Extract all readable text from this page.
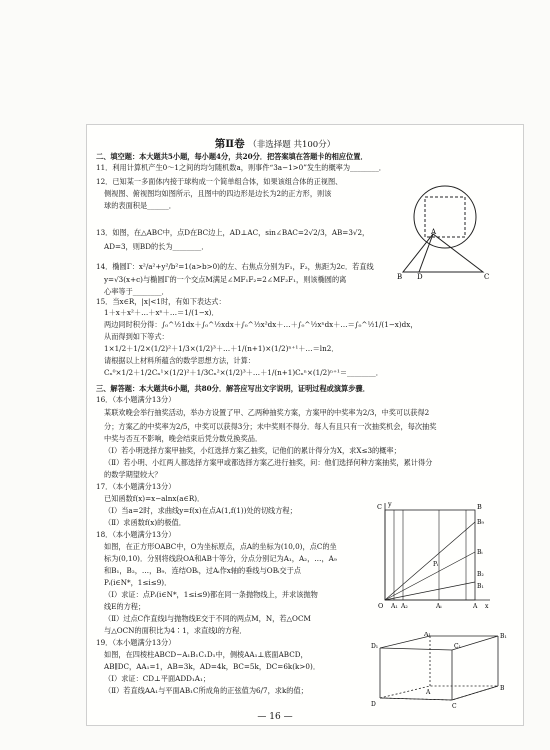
第Ⅱ卷 （非选择题 共100分）
二、填空题：本大题共5小题，每小题4分，共20分．把答案填在答题卡的相应位置．
11．利用计算机产生0～1之间的均匀随机数a，则事件“3a−1>0”发生的概率为________．
12．已知某一多面体内接于球构成一个简单组合体，如果该组合体的正视图、
侧视图、俯视图均如图所示，且图中的四边形是边长为2的正方形，则该
球的表面积是______．
13．如图，在△ABC中，点D在BC边上，AD⊥AC，sin∠BAC=2√2/3，AB=3√2，
AD=3，则BD的长为________．
14．椭圆Γ：x²/a²+y²/b²=1(a>b>0)的左、右焦点分别为F₁，F₂，焦距为2c．若直线
y=√3(x+c)与椭圆Γ的一个交点M满足∠MF₁F₂=2∠MF₂F₁，则该椭圆的离
心率等于________．
15．当x∈R，|x|<1时，有如下表达式：
1＋x＋x²＋…＋xⁿ＋…＝1/(1−x)．
两边同时积分得：∫₀^½1dx＋∫₀^½xdx＋∫₀^½x²dx＋…＋∫₀^½xⁿdx＋…＝∫₀^½1/(1−x)dx，
从而得到如下等式：
1×1/2＋1/2×(1/2)²＋1/3×(1/2)³＋…＋1/(n+1)×(1/2)ⁿ⁺¹＋…＝ln2．
请根据以上材料所蕴含的数学思想方法，计算：
Cₙ⁰×1/2＋1/2Cₙ¹×(1/2)²＋1/3Cₙ²×(1/2)³＋…＋1/(n+1)Cₙⁿ×(1/2)ⁿ⁺¹＝________．
三、解答题：本大题共6小题，共80分．解答应写出文字说明，证明过程或演算步骤．
16．（本小题满分13分）
某联欢晚会举行抽奖活动，举办方设置了甲、乙两种抽奖方案，方案甲的中奖率为2/3，中奖可以获得2
分；方案乙的中奖率为2/5，中奖可以获得3分；未中奖则不得分．每人有且只有一次抽奖机会，每次抽奖
中奖与否互不影响，晚会结束后凭分数兑换奖品．
（Ⅰ）若小明选择方案甲抽奖，小红选择方案乙抽奖，记他们的累计得分为X，求X≤3的概率；
（Ⅱ）若小明、小红两人都选择方案甲或都选择方案乙进行抽奖，问：他们选择何种方案抽奖，累计得分
的数学期望较大？
17．（本小题满分13分）
已知函数f(x)=x−alnx(a∈R)．
（Ⅰ）当a=2时，求曲线y=f(x)在点A(1,f(1))处的切线方程；
（Ⅱ）求函数f(x)的极值．
18．（本小题满分13分）
如图，在正方形OABC中，O为坐标原点，点A的坐标为(10,0)，点C的坐
标为(0,10)．分别将线段OA和AB十等分，分点分别记为A₁，A₂，…，A₉
和B₁，B₂，…，B₉．连结OBᵢ，过Aᵢ作x轴的垂线与OBᵢ交于点
Pᵢ(i∈N*，1≤i≤9)．
（Ⅰ）求证：点Pᵢ(i∈N*，1≤i≤9)都在同一条抛物线上，并求该抛物
线E的方程；
（Ⅱ）过点C作直线l与抛物线E交于不同的两点M，N，若△OCM
与△OCN的面积比为4∶1，求直线l的方程．
19．（本小题满分13分）
如图，在四棱柱ABCD−A₁B₁C₁D₁中，侧棱AA₁⊥底面ABCD，
AB∥DC，AA₁=1，AB=3k，AD=4k，BC=5k，DC=6k(k>0)．
（Ⅰ）求证：CD⊥平面ADD₁A₁；
（Ⅱ）若直线AA₁与平面AB₁C所成角的正弦值为6/7，求k的值；
A
B D	C
C	B
y
O A₁ A₂	Aᵢ	A x
B₉
Bᵢ
B₂
B₁
Pᵢ
D₁
A₁	B₁
C₁
D
A
B
C
— 16 —
